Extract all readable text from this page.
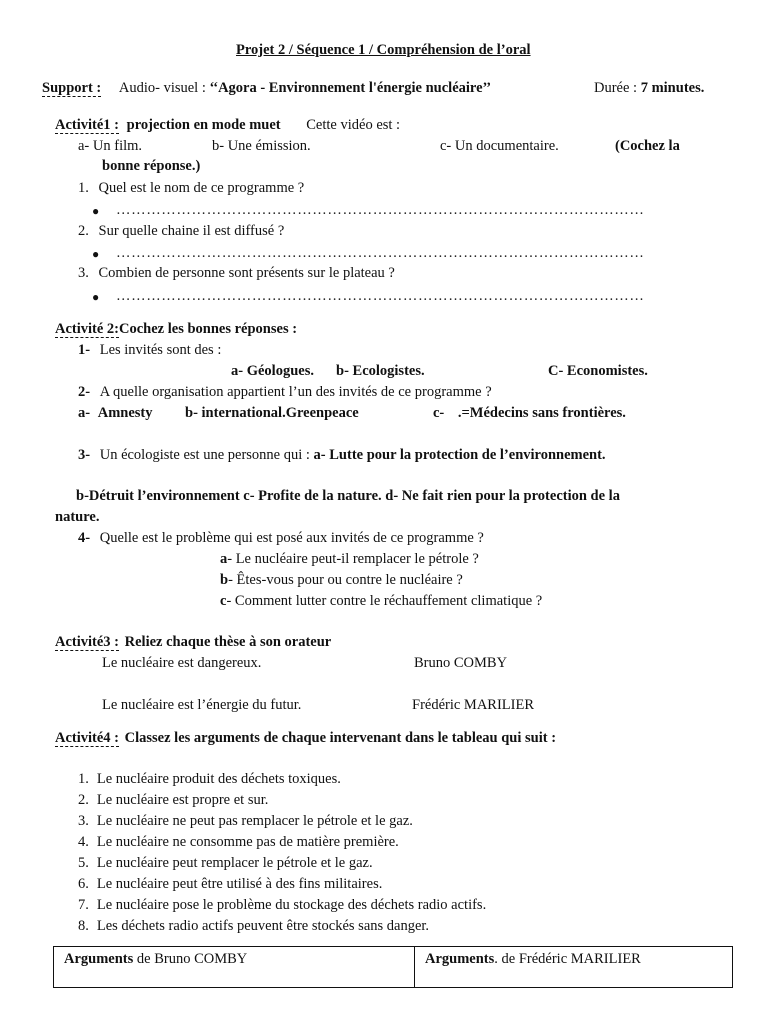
Projet 2 / Séquence 1 / Compréhension de l’oral
Support : Audio- visuel : ‘‘Agora - Environnement l'énergie nucléaire’’	Durée : 7 minutes.
Activité1 : projection en mode muet Cette vidéo est :
a- Un film.	b- Une émission.	c- Un documentaire.	(Cochez la
bonne réponse.)
1. Quel est le nom de ce programme ?
● ……………………………………………………………………………………………
2. Sur quelle chaine il est diffusé ?
● ……………………………………………………………………………………………
3. Combien de personne sont présents sur le plateau ?
● ……………………………………………………………………………………………
Activité 2:Cochez les bonnes réponses :
1- Les invités sont des :
a- Géologues. b- Ecologistes.	C- Economistes.
2- A quelle organisation appartient l’un des invités de ce programme ?
a- Amnesty b- international.Greenpeace	c- .=Médecins sans frontières.
3- Un écologiste est une personne qui : a- Lutte pour la protection de l’environnement.
b-Détruit l’environnement c- Profite de la nature. d- Ne fait rien pour la protection de la
nature.
4- Quelle est le problème qui est posé aux invités de ce programme ?
a- Le nucléaire peut-il remplacer le pétrole ?
b- Êtes-vous pour ou contre le nucléaire ?
c- Comment lutter contre le réchauffement climatique ?
Activité3 : Reliez chaque thèse à son orateur
Le nucléaire est dangereux.	Bruno COMBY
Le nucléaire est l’énergie du futur.	Frédéric MARILIER
Activité4 : Classez les arguments de chaque intervenant dans le tableau qui suit :
1. Le nucléaire produit des déchets toxiques.
2. Le nucléaire est propre et sur.
3. Le nucléaire ne peut pas remplacer le pétrole et le gaz.
4. Le nucléaire ne consomme pas de matière première.
5. Le nucléaire peut remplacer le pétrole et le gaz.
6. Le nucléaire peut être utilisé à des fins militaires.
7. Le nucléaire pose le problème du stockage des déchets radio actifs.
8. Les déchets radio actifs peuvent être stockés sans danger.
Arguments de Bruno COMBY	Arguments. de Frédéric MARILIER
